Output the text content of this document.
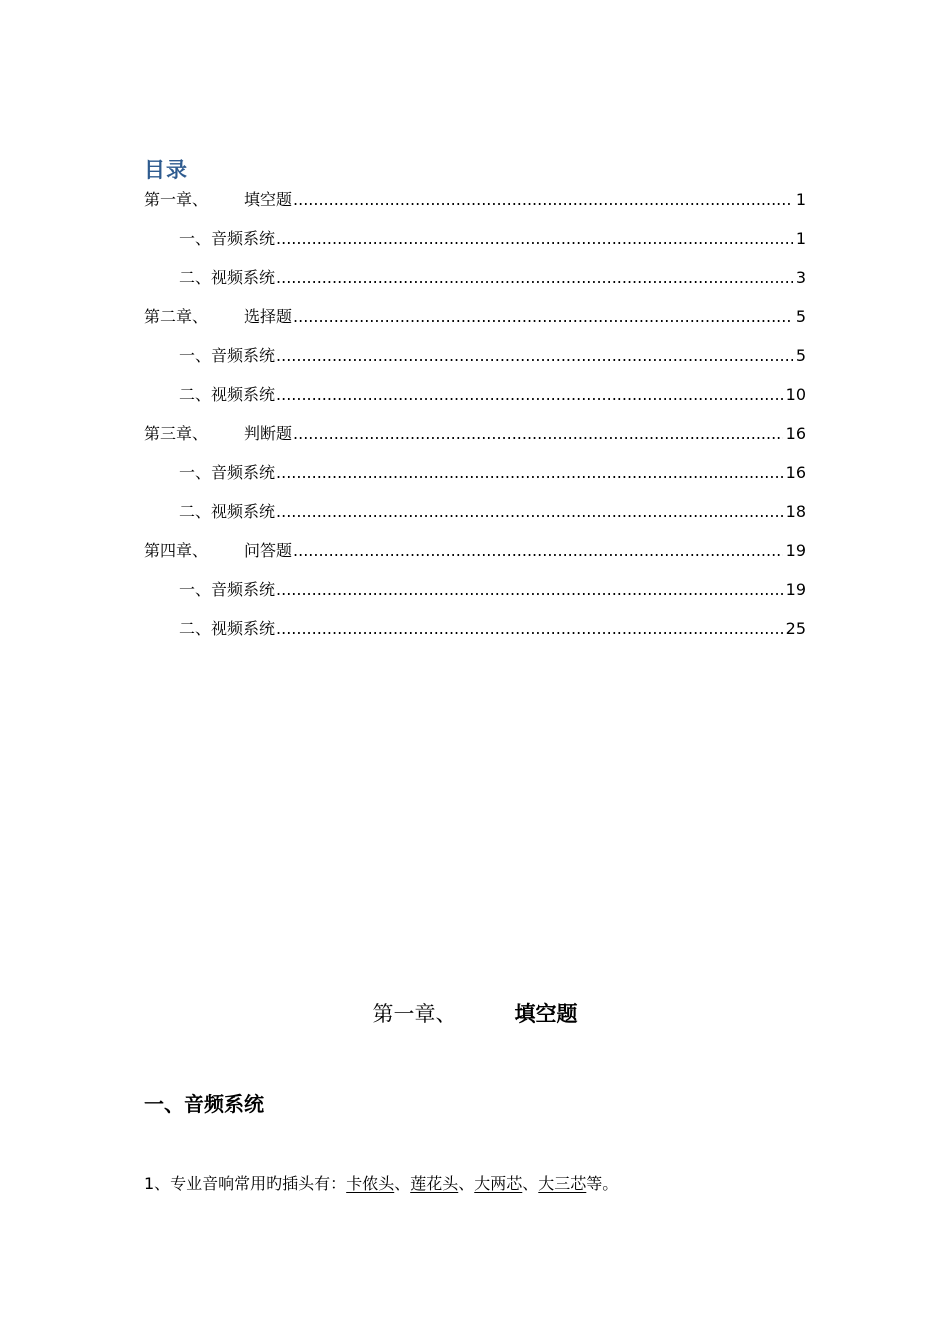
目录
第一章、	填空题 .....	1
一、 音频系统 .....	1
二、 视频系统 .....	3
第二章、	选择题 .....	5
一、 音频系统 .....	5
二、 视频系统 .....	10
第三章、	判断题 .....	16
一、 音频系统 .....	16
二、 视频系统 .....	18
第四章、	问答题 .....	19
一、 音频系统 .....	19
二、 视频系统 .....	25
第一章、	填空题
一、音频系统
1、专业音响常用旳插头有：卡侬头、莲花头、大两芯、大三芯等。
